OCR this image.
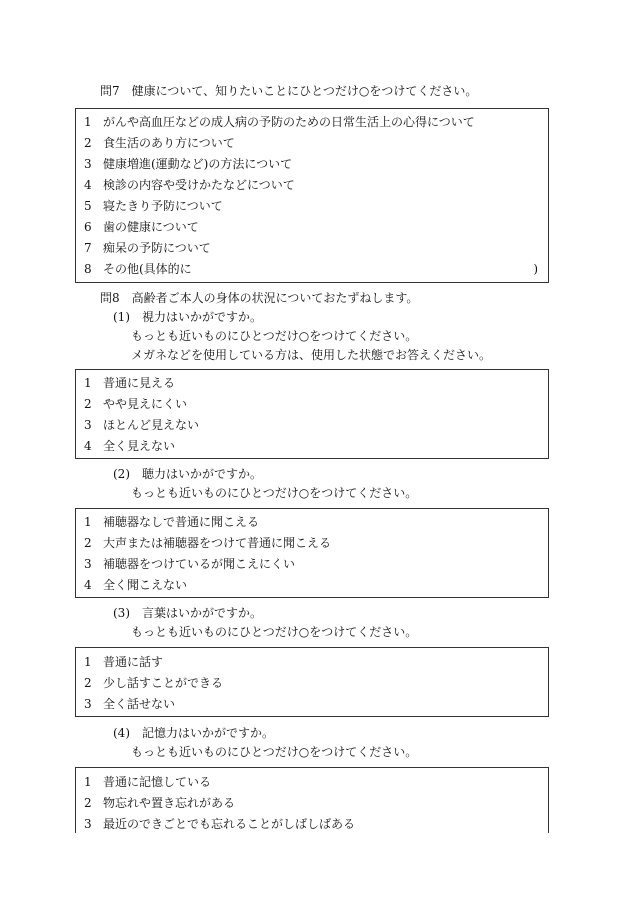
問7　健康について、知りたいことにひとつだけ○をつけてください。
1 がんや高血圧などの成人病の予防のための日常生活上の心得について
2 食生活のあり方について
3 健康増進(運動など)の方法について
4 検診の内容や受けかたなどについて
5 寝たきり予防について
6 歯の健康について
7 痴呆の予防について
8 その他(具体的に	)
問8　高齢者ご本人の身体の状況についておたずねします。
(1)　視力はいかがですか。
もっとも近いものにひとつだけ○をつけてください。
メガネなどを使用している方は、使用した状態でお答えください。
1 普通に見える
2 やや見えにくい
3 ほとんど見えない
4 全く見えない
(2)　聴力はいかがですか。
もっとも近いものにひとつだけ○をつけてください。
1 補聴器なしで普通に聞こえる
2 大声または補聴器をつけて普通に聞こえる
3 補聴器をつけているが聞こえにくい
4 全く聞こえない
(3)　言葉はいかがですか。
もっとも近いものにひとつだけ○をつけてください。
1 普通に話す
2 少し話すことができる
3 全く話せない
(4)　記憶力はいかがですか。
もっとも近いものにひとつだけ○をつけてください。
1 普通に記憶している
2 物忘れや置き忘れがある
3 最近のできごとでも忘れることがしばしばある
